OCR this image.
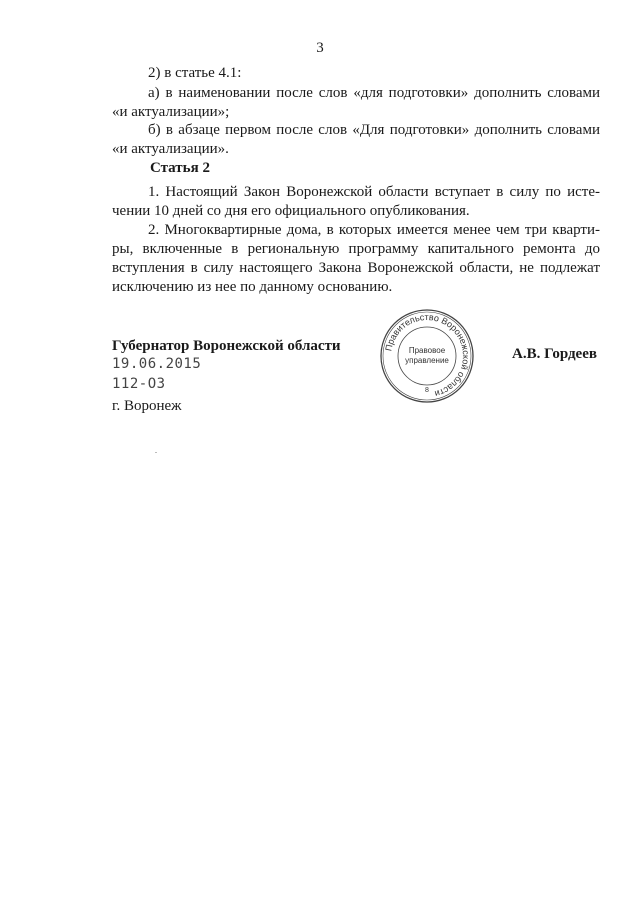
3
2) в статье 4.1:
а) в наименовании после слов «для подготовки» дополнить словами
«и актуализации»;
б) в абзаце первом после слов «Для подготовки» дополнить словами
«и актуализации».
Статья 2
1. Настоящий Закон Воронежской области вступает в силу по исте-
чении 10 дней со дня его официального опубликования.
2. Многоквартирные дома, в которых имеется менее чем три кварти-
ры, включенные в региональную программу капитального ремонта до
вступления в силу настоящего Закона Воронежской области, не подлежат
исключению из нее по данному основанию.
Губернатор Воронежской области	А.В. Гордеев
19.06.2015
112-ОЗ
г. Воронеж
Правительство Воронежской области
Правовое
управление
8
